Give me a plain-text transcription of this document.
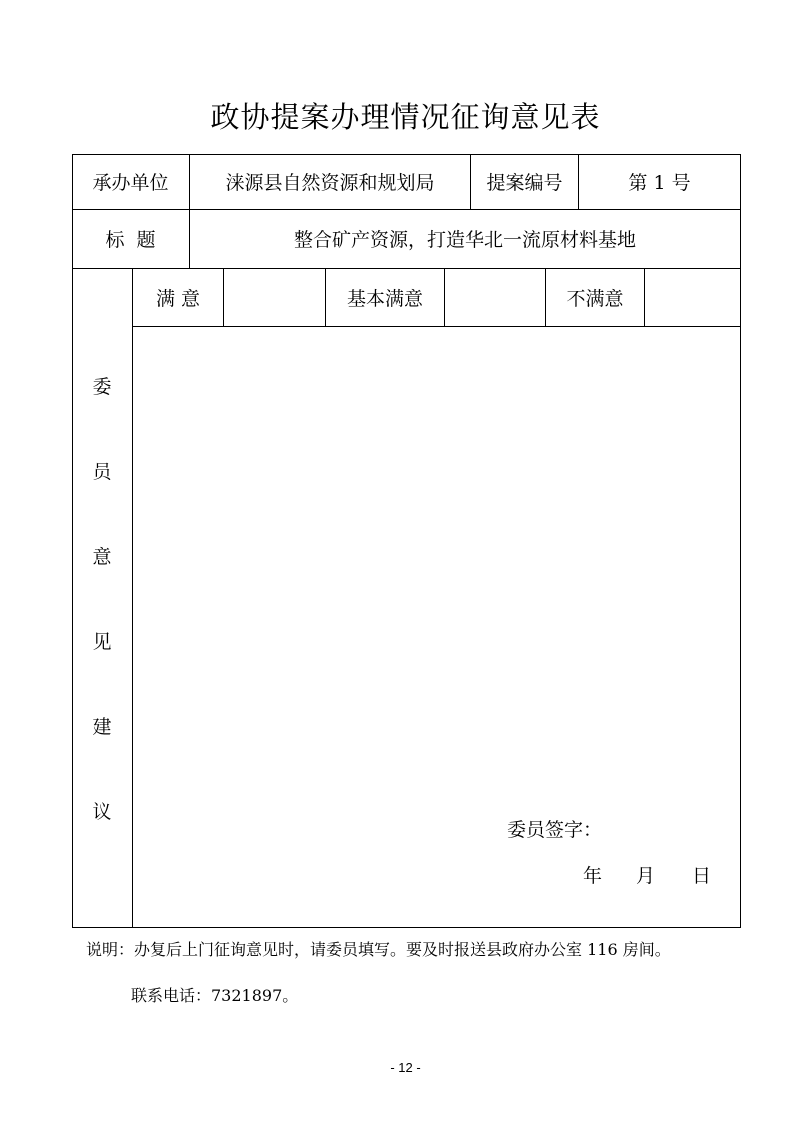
政协提案办理情况征询意见表
承办单位	涞源县自然资源和规划局	提案编号	第 1 号
标  题	整合矿产资源，打造华北一流原材料基地
满 意	基本满意	不满意
委
员
意
见
建
议
委员签字：
年 月 日
说明：办复后上门征询意见时，请委员填写。要及时报送县政府办公室 116 房间。
联系电话：7321897。
- 12 -
